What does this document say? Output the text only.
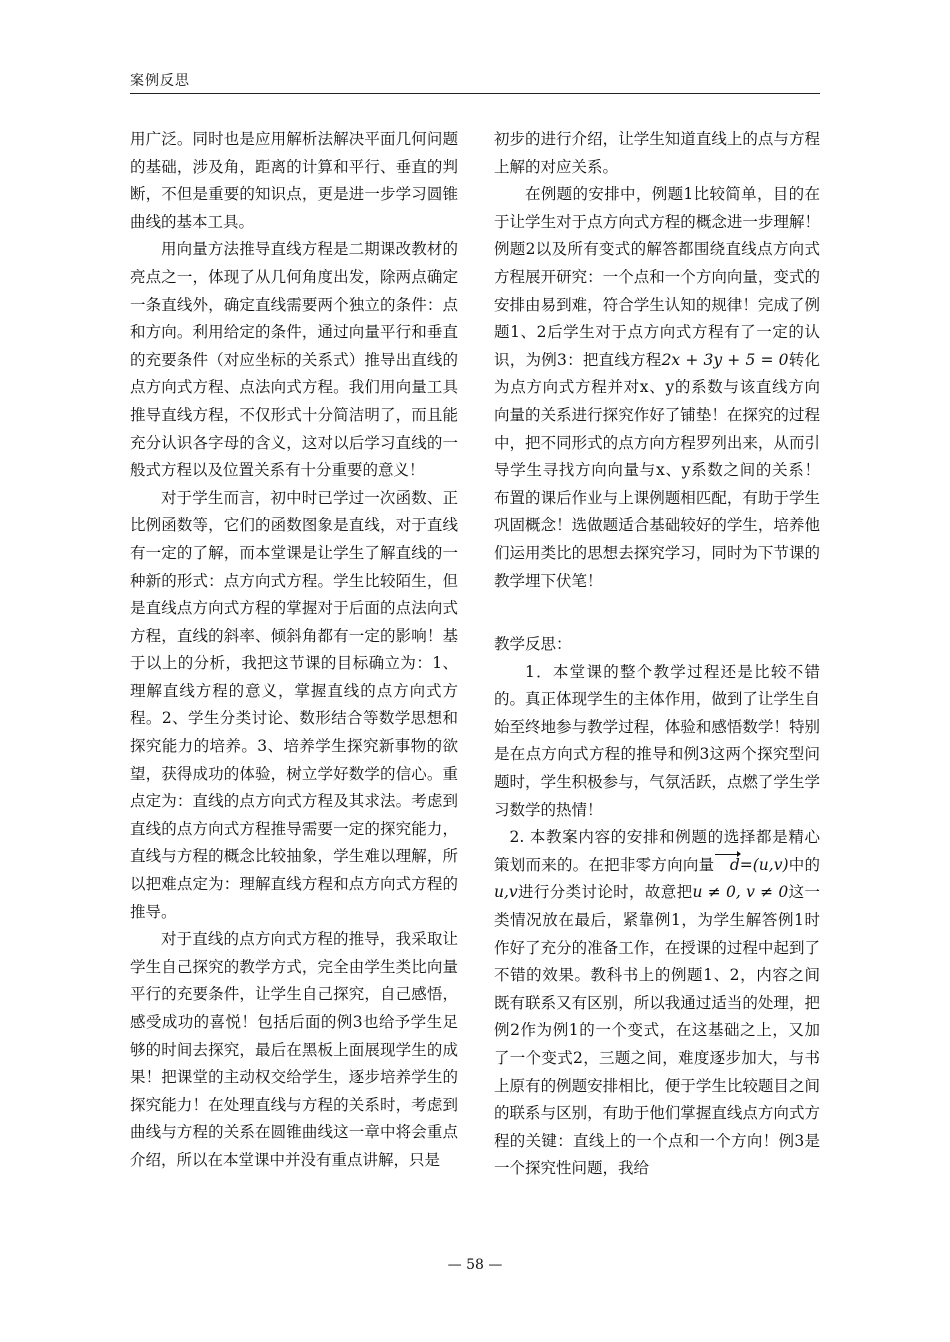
案例反思

用广泛。同时也是应用解析法解决平面几何问题的基础，涉及角，距离的计算和平行、垂直的判断，不但是重要的知识点，更是进一步学习圆锥曲线的基本工具。

用向量方法推导直线方程是二期课改教材的亮点之一，体现了从几何角度出发，除两点确定一条直线外，确定直线需要两个独立的条件：点和方向。利用给定的条件，通过向量平行和垂直的充要条件（对应坐标的关系式）推导出直线的点方向式方程、点法向式方程。我们用向量工具推导直线方程，不仅形式十分简洁明了，而且能充分认识各字母的含义，这对以后学习直线的一般式方程以及位置关系有十分重要的意义！

对于学生而言，初中时已学过一次函数、正比例函数等，它们的函数图象是直线，对于直线有一定的了解，而本堂课是让学生了解直线的一种新的形式：点方向式方程。学生比较陌生，但是直线点方向式方程的掌握对于后面的点法向式方程，直线的斜率、倾斜角都有一定的影响！基于以上的分析，我把这节课的目标确立为：1、理解直线方程的意义，掌握直线的点方向式方程。2、学生分类讨论、数形结合等数学思想和探究能力的培养。3、培养学生探究新事物的欲望，获得成功的体验，树立学好数学的信心。重点定为：直线的点方向式方程及其求法。考虑到直线的点方向式方程推导需要一定的探究能力，直线与方程的概念比较抽象，学生难以理解，所以把难点定为：理解直线方程和点方向式方程的推导。

对于直线的点方向式方程的推导，我采取让学生自己探究的教学方式，完全由学生类比向量平行的充要条件，让学生自己探究，自己感悟，感受成功的喜悦！包括后面的例3也给予学生足够的时间去探究，最后在黑板上面展现学生的成果！把课堂的主动权交给学生，逐步培养学生的探究能力！在处理直线与方程的关系时，考虑到曲线与方程的关系在圆锥曲线这一章中将会重点介绍，所以在本堂课中并没有重点讲解，只是

初步的进行介绍，让学生知道直线上的点与方程上解的对应关系。

在例题的安排中，例题1比较简单，目的在于让学生对于点方向式方程的概念进一步理解！例题2以及所有变式的解答都围绕直线点方向式方程展开研究：一个点和一个方向向量，变式的安排由易到难，符合学生认知的规律！完成了例题1、2后学生对于点方向式方程有了一定的认识，为例3：把直线方程2x + 3y + 5 = 0转化为点方向式方程并对x、y的系数与该直线方向向量的关系进行探究作好了铺垫！在探究的过程中，把不同形式的点方向方程罗列出来，从而引导学生寻找方向向量与x、y系数之间的关系！布置的课后作业与上课例题相匹配，有助于学生巩固概念！选做题适合基础较好的学生，培养他们运用类比的思想去探究学习，同时为下节课的教学埋下伏笔！

教学反思：

1．本堂课的整个教学过程还是比较不错的。真正体现学生的主体作用，做到了让学生自始至终地参与教学过程，体验和感悟数学！特别是在点方向式方程的推导和例3这两个探究型问题时，学生积极参与，气氛活跃，点燃了学生学习数学的热情！

2. 本教案内容的安排和例题的选择都是精心策划而来的。在把非零方向向量 d=(u,v)中的u,v进行分类讨论时，故意把u ≠ 0, v ≠ 0这一类情况放在最后，紧靠例1，为学生解答例1时作好了充分的准备工作，在授课的过程中起到了不错的效果。教科书上的例题1、2，内容之间既有联系又有区别，所以我通过适当的处理，把例2作为例1的一个变式，在这基础之上，又加了一个变式2，三题之间，难度逐步加大，与书上原有的例题安排相比，便于学生比较题目之间的联系与区别，有助于他们掌握直线点方向式方程的关键：直线上的一个点和一个方向！例3是一个探究性问题，我给

— 58 —
